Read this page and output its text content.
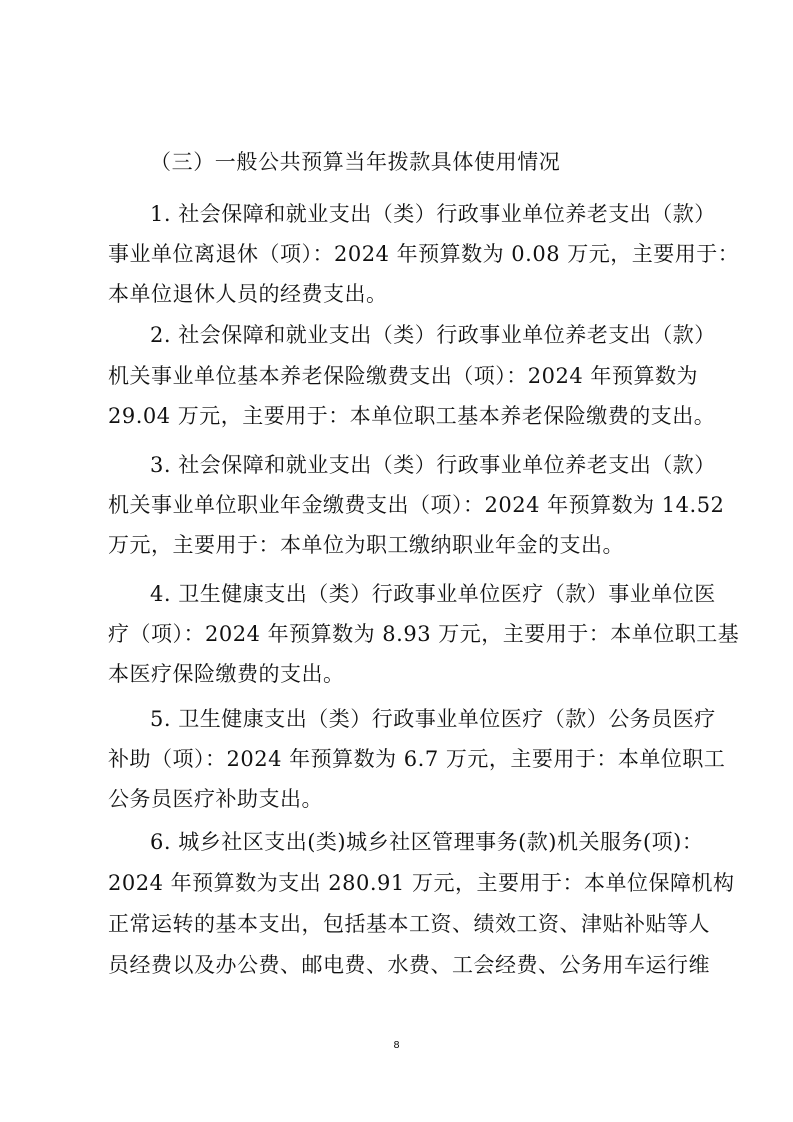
（三）一般公共预算当年拨款具体使用情况
1. 社会保障和就业支出（类）行政事业单位养老支出（款）
事业单位离退休（项）：2024 年预算数为 0.08 万元，主要用于：
本单位退休人员的经费支出。
2. 社会保障和就业支出（类）行政事业单位养老支出（款）
机关事业单位基本养老保险缴费支出（项）：2024 年预算数为
29.04 万元，主要用于：本单位职工基本养老保险缴费的支出。
3. 社会保障和就业支出（类）行政事业单位养老支出（款）
机关事业单位职业年金缴费支出（项）：2024 年预算数为 14.52
万元，主要用于：本单位为职工缴纳职业年金的支出。
4. 卫生健康支出（类）行政事业单位医疗（款）事业单位医
疗（项）：2024 年预算数为 8.93 万元，主要用于：本单位职工基
本医疗保险缴费的支出。
5. 卫生健康支出（类）行政事业单位医疗（款）公务员医疗
补助（项）：2024 年预算数为 6.7 万元，主要用于：本单位职工
公务员医疗补助支出。
6. 城乡社区支出(类)城乡社区管理事务(款)机关服务(项)：
2024 年预算数为支出 280.91 万元，主要用于：本单位保障机构
正常运转的基本支出，包括基本工资、绩效工资、津贴补贴等人
员经费以及办公费、邮电费、水费、工会经费、公务用车运行维
8
